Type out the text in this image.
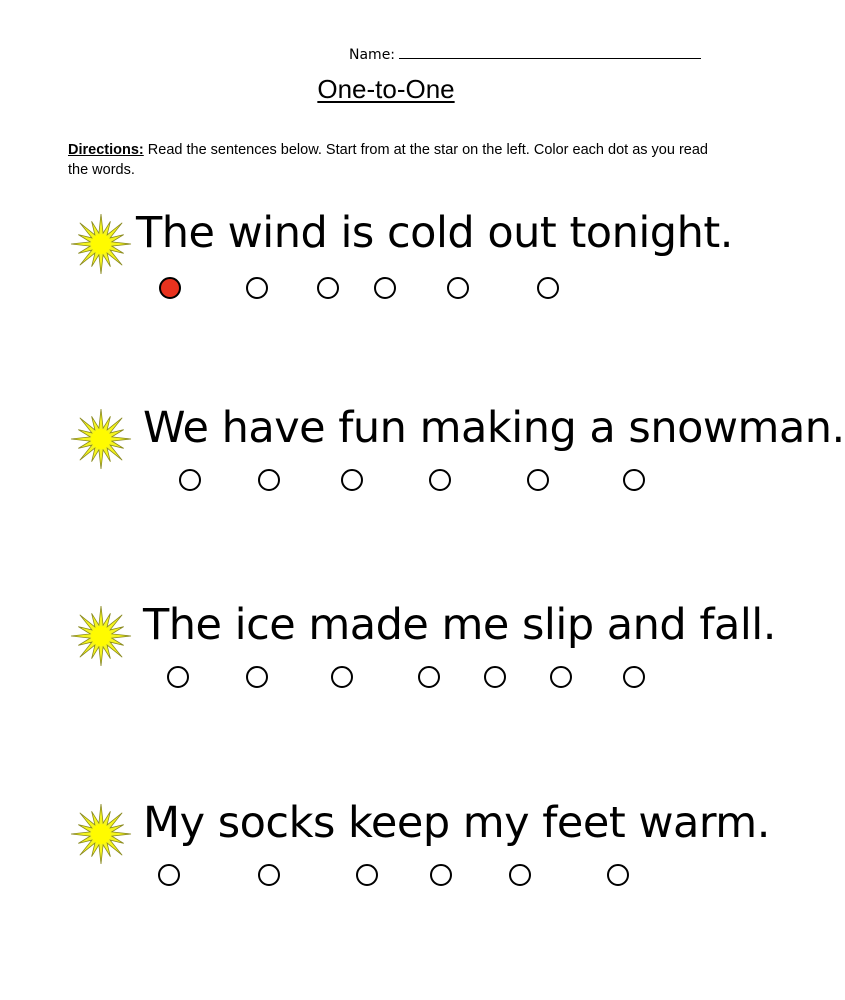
Name:
One-to-One
Directions: Read the sentences below. Start from at the star on the left. Color each dot as you read the words.
The wind is cold out tonight.
We have fun making a snowman.
The ice made me slip and fall.
My socks keep my feet warm.
